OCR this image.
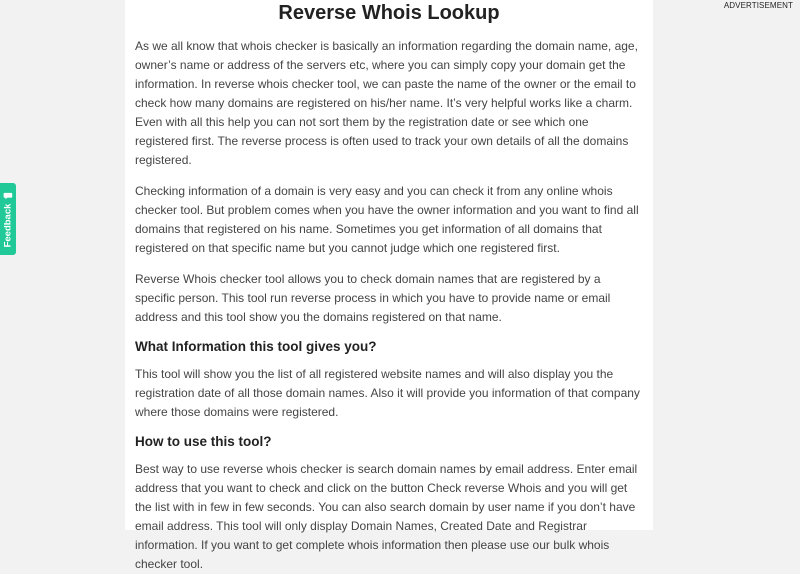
ADVERTISEMENT
Feedback
Reverse Whois Lookup

As we all know that whois checker is basically an information regarding the domain name, age, owner’s name or address of the servers etc, where you can simply copy your domain get the information. In reverse whois checker tool, we can paste the name of the owner or the email to check how many domains are registered on his/her name. It’s very helpful works like a charm. Even with all this help you can not sort them by the registration date or see which one registered first. The reverse process is often used to track your own details of all the domains registered.

Checking information of a domain is very easy and you can check it from any online whois checker tool. But problem comes when you have the owner information and you want to find all domains that registered on his name. Sometimes you get information of all domains that registered on that specific name but you cannot judge which one registered first.

Reverse Whois checker tool allows you to check domain names that are registered by a specific person. This tool run reverse process in which you have to provide name or email address and this tool show you the domains registered on that name.

What Information this tool gives you?

This tool will show you the list of all registered website names and will also display you the registration date of all those domain names. Also it will provide you information of that company where those domains were registered.

How to use this tool?

Best way to use reverse whois checker is search domain names by email address. Enter email address that you want to check and click on the button Check reverse Whois and you will get the list with in few in few seconds. You can also search domain by user name if you don’t have email address. This tool will only display Domain Names, Created Date and Registrar information. If you want to get complete whois information then please use our bulk whois checker tool.
